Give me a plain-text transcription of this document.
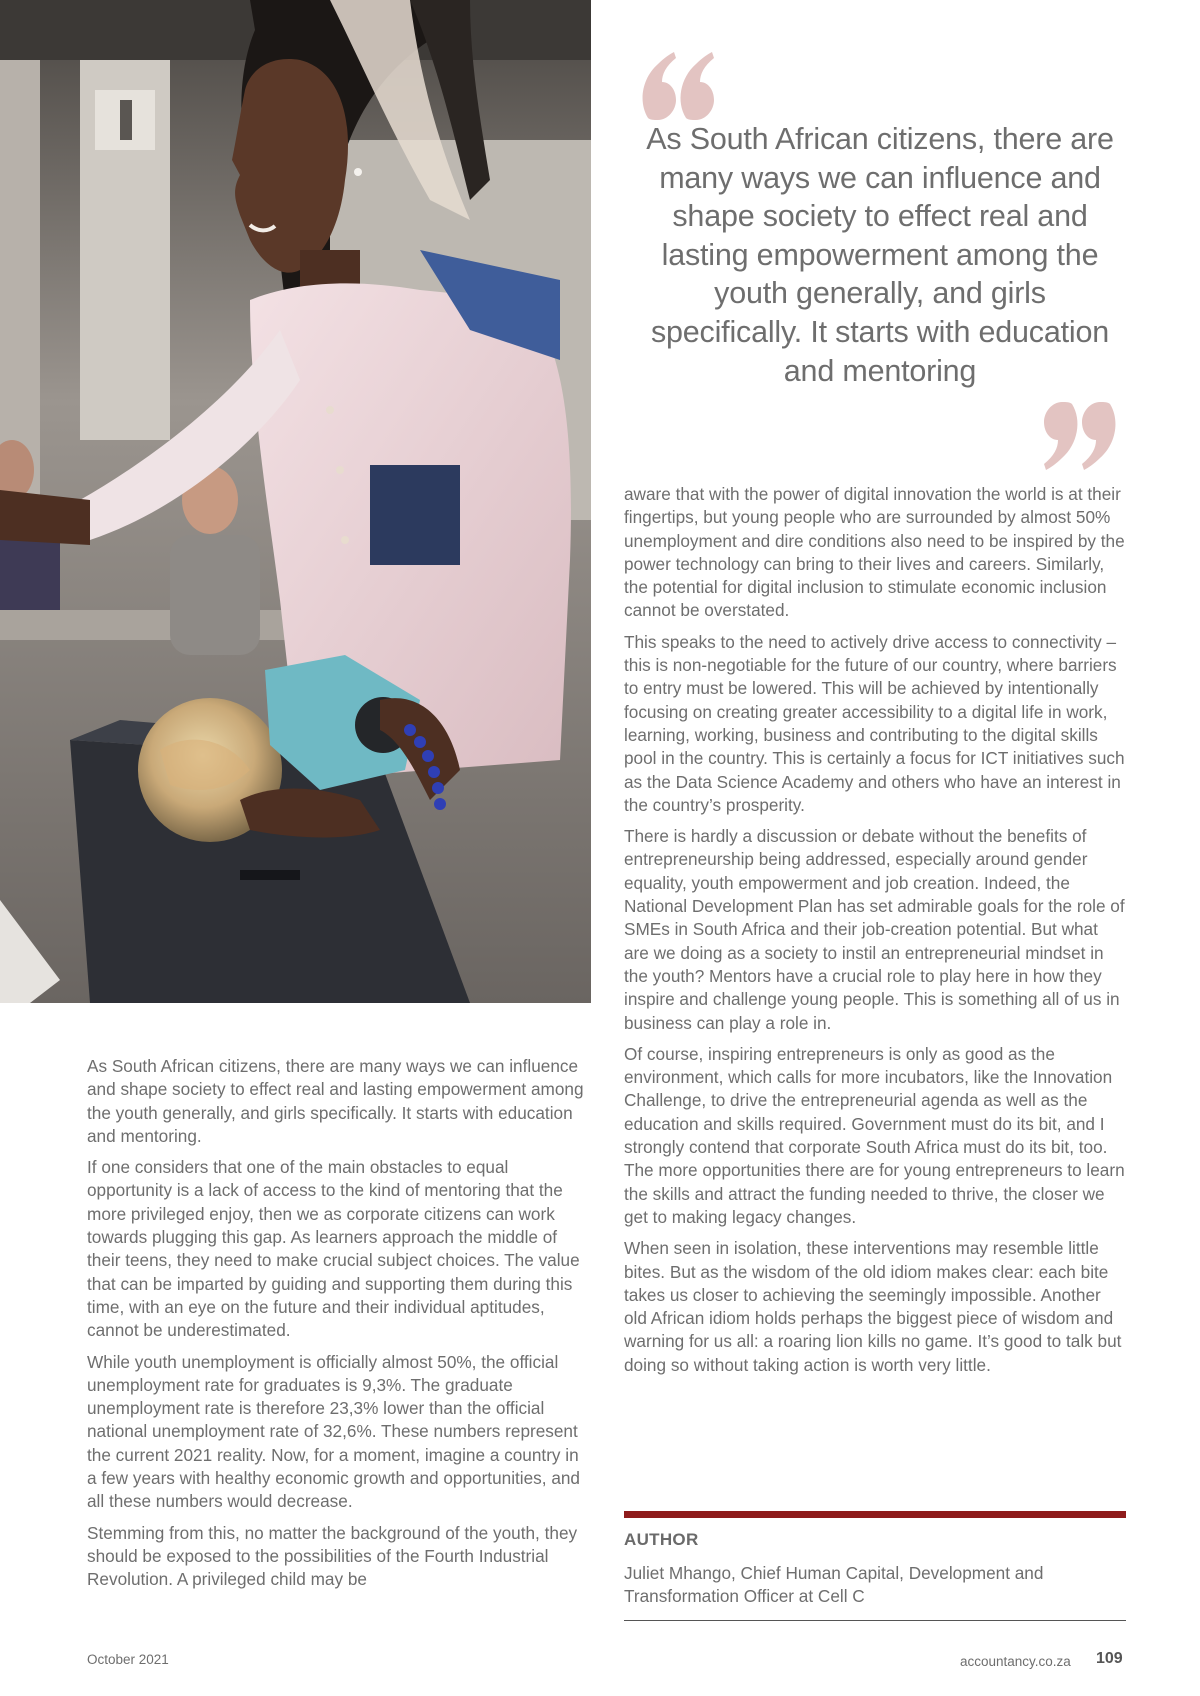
As South African citizens, there are many ways we can influence and shape society to effect real and lasting empowerment among the youth generally, and girls specifically. It starts with education and mentoring

As South African citizens, there are many ways we can influence and shape society to effect real and lasting empowerment among the youth generally, and girls specifically. It starts with education and mentoring.

If one considers that one of the main obstacles to equal opportunity is a lack of access to the kind of mentoring that the more privileged enjoy, then we as corporate citizens can work towards plugging this gap. As learners approach the middle of their teens, they need to make crucial subject choices. The value that can be imparted by guiding and supporting them during this time, with an eye on the future and their individual aptitudes, cannot be underestimated.

While youth unemployment is officially almost 50%, the official unemployment rate for graduates is 9,3%. The graduate unemployment rate is therefore 23,3% lower than the official national unemployment rate of 32,6%. These numbers represent the current 2021 reality. Now, for a moment, imagine a country in a few years with healthy economic growth and opportunities, and all these numbers would decrease.

Stemming from this, no matter the background of the youth, they should be exposed to the possibilities of the Fourth Industrial Revolution. A privileged child may be

aware that with the power of digital innovation the world is at their fingertips, but young people who are surrounded by almost 50% unemployment and dire conditions also need to be inspired by the power technology can bring to their lives and careers. Similarly, the potential for digital inclusion to stimulate economic inclusion cannot be overstated.

This speaks to the need to actively drive access to connectivity – this is non-negotiable for the future of our country, where barriers to entry must be lowered. This will be achieved by intentionally focusing on creating greater accessibility to a digital life in work, learning, working, business and contributing to the digital skills pool in the country. This is certainly a focus for ICT initiatives such as the Data Science Academy and others who have an interest in the country’s prosperity.

There is hardly a discussion or debate without the benefits of entrepreneurship being addressed, especially around gender equality, youth empowerment and job creation. Indeed, the National Development Plan has set admirable goals for the role of SMEs in South Africa and their job-creation potential. But what are we doing as a society to instil an entrepreneurial mindset in the youth? Mentors have a crucial role to play here in how they inspire and challenge young people. This is something all of us in business can play a role in.

Of course, inspiring entrepreneurs is only as good as the environment, which calls for more incubators, like the Innovation Challenge, to drive the entrepreneurial agenda as well as the education and skills required. Government must do its bit, and I strongly contend that corporate South Africa must do its bit, too. The more opportunities there are for young entrepreneurs to learn the skills and attract the funding needed to thrive, the closer we get to making legacy changes.

When seen in isolation, these interventions may resemble little bites. But as the wisdom of the old idiom makes clear: each bite takes us closer to achieving the seemingly impossible. Another old African idiom holds perhaps the biggest piece of wisdom and warning for us all: a roaring lion kills no game. It’s good to talk but doing so without taking action is worth very little.

AUTHOR
Juliet Mhango, Chief Human Capital, Development and Transformation Officer at Cell C
October 2021	accountancy.co.za 109
